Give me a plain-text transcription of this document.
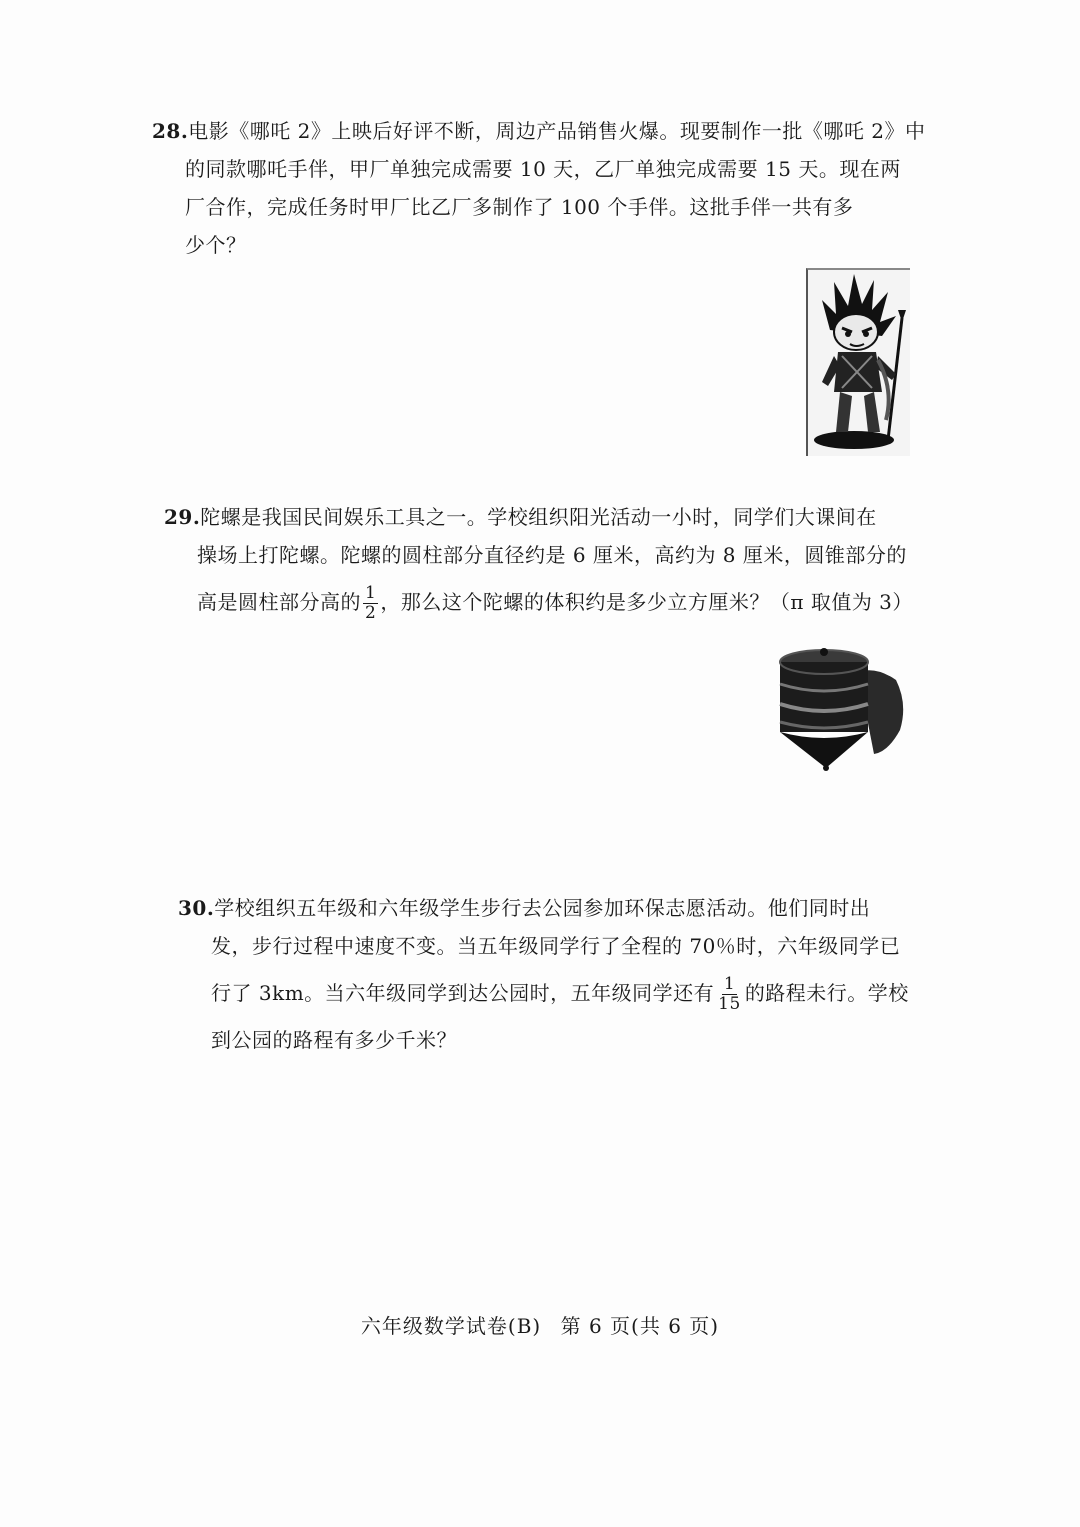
28.电影《哪吒 2》上映后好评不断，周边产品销售火爆。现要制作一批《哪吒 2》中
的同款哪吒手伴，甲厂单独完成需要 10 天，乙厂单独完成需要 15 天。现在两
厂合作，完成任务时甲厂比乙厂多制作了 100 个手伴。这批手伴一共有多
少个？
29.陀螺是我国民间娱乐工具之一。学校组织阳光活动一小时，同学们大课间在
操场上打陀螺。陀螺的圆柱部分直径约是 6 厘米，高约为 8 厘米，圆锥部分的
高是圆柱部分高的 $\frac{1}{2}$ ，那么这个陀螺的体积约是多少立方厘米？（π 取值为 3）
30.学校组织五年级和六年级学生步行去公园参加环保志愿活动。他们同时出
发，步行过程中速度不变。当五年级同学行了全程的 70％时，六年级同学已
行了 3km。当六年级同学到达公园时，五年级同学还有 $\frac{1}{15}$ 的路程未行。学校
到公园的路程有多少千米？
六年级数学试卷(B) 第 6 页(共 6 页)
